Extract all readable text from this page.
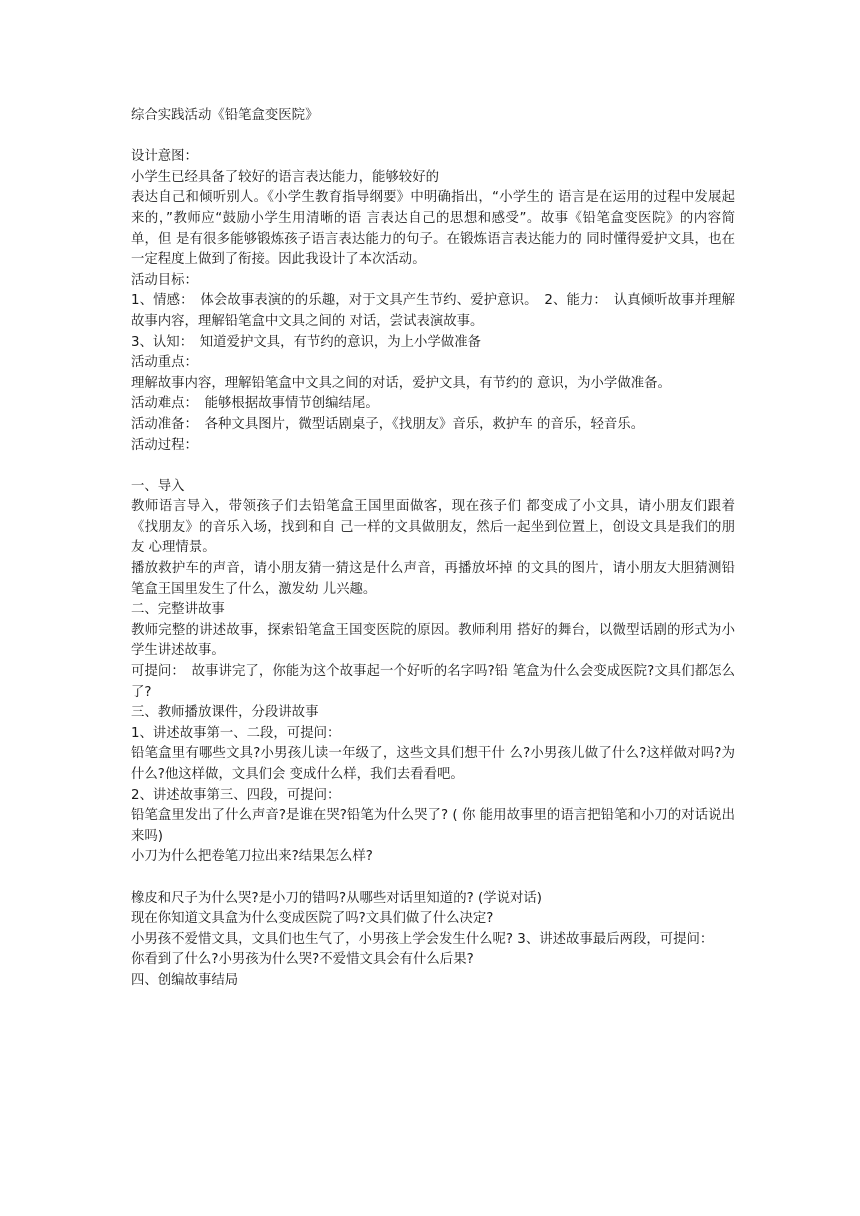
综合实践活动《铅笔盒变医院》

设计意图：

小学生已经具备了较好的语言表达能力，能够较好的

表达自己和倾听别人。《小学生教育指导纲要》中明确指出，“小学生的 语言是在运用的过程中发展起来的，”教师应“鼓励小学生用清晰的语 言表达自己的思想和感受”。故事《铅笔盒变医院》的内容简单，但 是有很多能够锻炼孩子语言表达能力的句子。在锻炼语言表达能力的 同时懂得爱护文具，也在一定程度上做到了衔接。因此我设计了本次活动。

活动目标：

1、情感：　体会故事表演的的乐趣，对于文具产生节约、爱护意识。　2、能力：　认真倾听故事并理解故事内容，理解铅笔盒中文具之间的 对话，尝试表演故事。

3、认知：　知道爱护文具，有节约的意识，为上小学做准备

活动重点：

理解故事内容，理解铅笔盒中文具之间的对话，爱护文具，有节约的 意识，为小学做准备。

活动难点：　能够根据故事情节创编结尾。

活动准备：　各种文具图片，微型话剧桌子，《找朋友》音乐，救护车 的音乐，轻音乐。

活动过程：

一、导入

教师语言导入，带领孩子们去铅笔盒王国里面做客，现在孩子们 都变成了小文具，请小朋友们跟着《找朋友》的音乐入场，找到和自 己一样的文具做朋友，然后一起坐到位置上，创设文具是我们的朋友 心理情景。

播放救护车的声音，请小朋友猜一猜这是什么声音，再播放坏掉 的文具的图片，请小朋友大胆猜测铅笔盒王国里发生了什么，激发幼 儿兴趣。

二、完整讲故事

教师完整的讲述故事，探索铅笔盒王国变医院的原因。教师利用 搭好的舞台，以微型话剧的形式为小学生讲述故事。

可提问：　故事讲完了，你能为这个故事起一个好听的名字吗?铅 笔盒为什么会变成医院?文具们都怎么了?

三、教师播放课件，分段讲故事

1、讲述故事第一、二段，可提问：

铅笔盒里有哪些文具?小男孩儿读一年级了，这些文具们想干什 么?小男孩儿做了什么?这样做对吗?为什么?他这样做，文具们会 变成什么样，我们去看看吧。

2、讲述故事第三、四段，可提问：

铅笔盒里发出了什么声音?是谁在哭?铅笔为什么哭了? ( 你 能用故事里的语言把铅笔和小刀的对话说出来吗)

小刀为什么把卷笔刀拉出来?结果怎么样?

橡皮和尺子为什么哭?是小刀的错吗?从哪些对话里知道的? (学说对话)

现在你知道文具盒为什么变成医院了吗?文具们做了什么决定?

小男孩不爱惜文具，文具们也生气了，小男孩上学会发生什么呢? 3、讲述故事最后两段，可提问：

你看到了什么?小男孩为什么哭?不爱惜文具会有什么后果?

四、创编故事结局
